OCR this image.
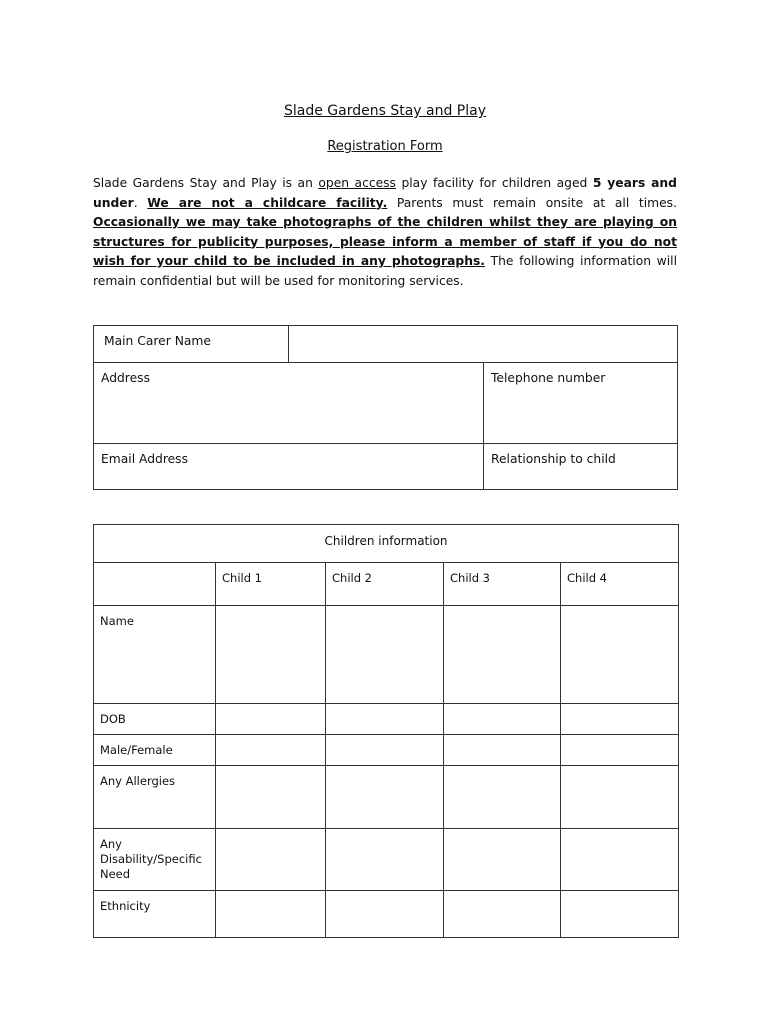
Slade Gardens Stay and Play
Registration Form

Slade Gardens Stay and Play is an open access play facility for children aged 5 years and under. We are not a childcare facility. Parents must remain onsite at all times. Occasionally we may take photographs of the children whilst they are playing on structures for publicity purposes, please inform a member of staff if you do not wish for your child to be included in any photographs. The following information will remain confidential but will be used for monitoring services.

Main Carer Name
Address	Telephone number
Email Address	Relationship to child
Children information				
	Child 1	Child 2	Child 3	Child 4
Name				
DOB				
Male/Female				
Any Allergies				
Any Disability/Specific Need				
Ethnicity				
